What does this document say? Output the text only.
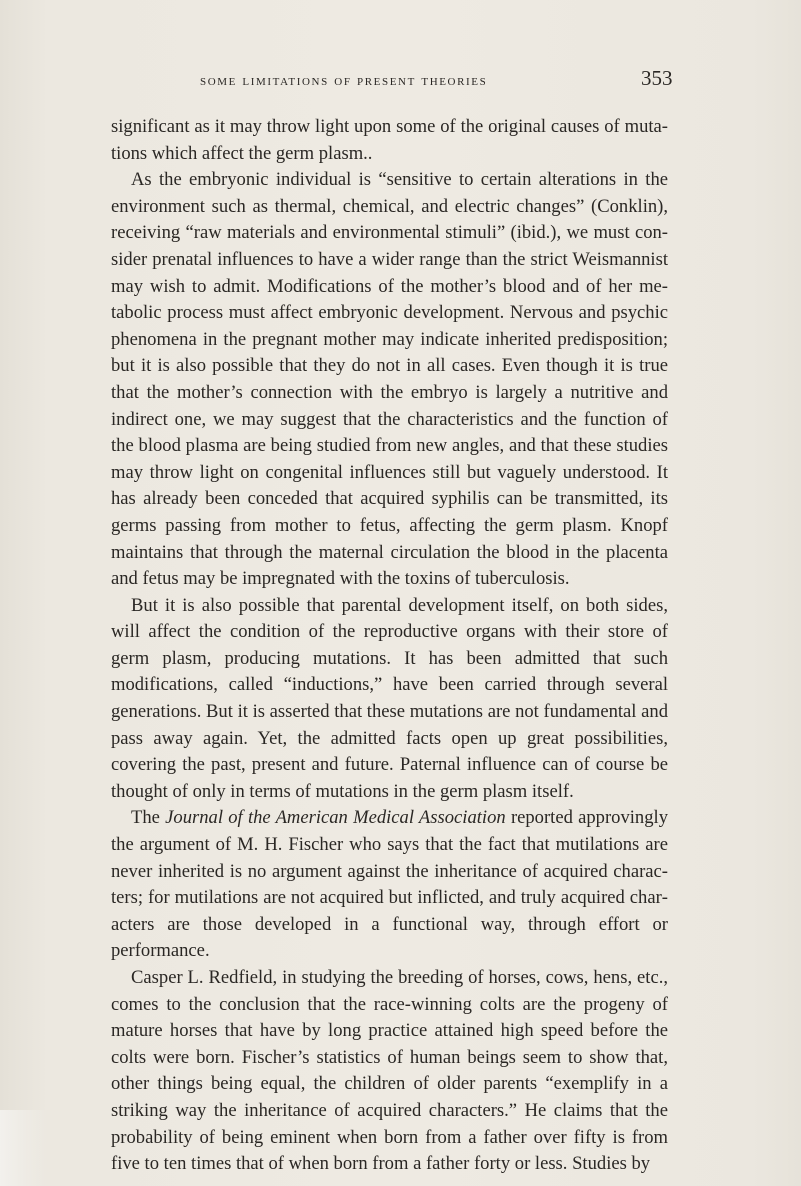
some limitations of present theories	353

significant as it may throw light upon some of the original causes of mutations which affect the germ plasm..

As the embryonic individual is “sensitive to certain alterations in the environment such as thermal, chemical, and electric changes” (Conklin), receiving “raw materials and environmental stimuli” (ibid.), we must consider prenatal influences to have a wider range than the strict Weismannist may wish to admit. Modifications of the mother’s blood and of her metabolic process must affect embryonic development. Nervous and psychic phenomena in the pregnant mother may indicate inherited predisposition; but it is also possible that they do not in all cases. Even though it is true that the mother’s connection with the embryo is largely a nutritive and indirect one, we may suggest that the characteristics and the function of the blood plasma are being studied from new angles, and that these studies may throw light on congenital influences still but vaguely understood. It has already been conceded that acquired syphilis can be transmitted, its germs passing from mother to fetus, affecting the germ plasm. Knopf maintains that through the maternal circulation the blood in the placenta and fetus may be impregnated with the toxins of tuberculosis.

But it is also possible that parental development itself, on both sides, will affect the condition of the reproductive organs with their store of germ plasm, producing mutations. It has been admitted that such modifications, called “inductions,” have been carried through several generations. But it is asserted that these mutations are not fundamental and pass away again. Yet, the admitted facts open up great possibilities, covering the past, present and future. Paternal influence can of course be thought of only in terms of mutations in the germ plasm itself.

The Journal of the American Medical Association reported approvingly the argument of M. H. Fischer who says that the fact that mutilations are never inherited is no argument against the inheritance of acquired characters; for mutilations are not acquired but inflicted, and truly acquired characters are those developed in a functional way, through effort or performance.

Casper L. Redfield, in studying the breeding of horses, cows, hens, etc., comes to the conclusion that the race-winning colts are the progeny of mature horses that have by long practice attained high speed before the colts were born. Fischer’s statistics of human beings seem to show that, other things being equal, the children of older parents “exemplify in a striking way the inheritance of acquired characters.” He claims that the probability of being eminent when born from a father over fifty is from five to ten times that of when born from a father forty or less. Studies by
